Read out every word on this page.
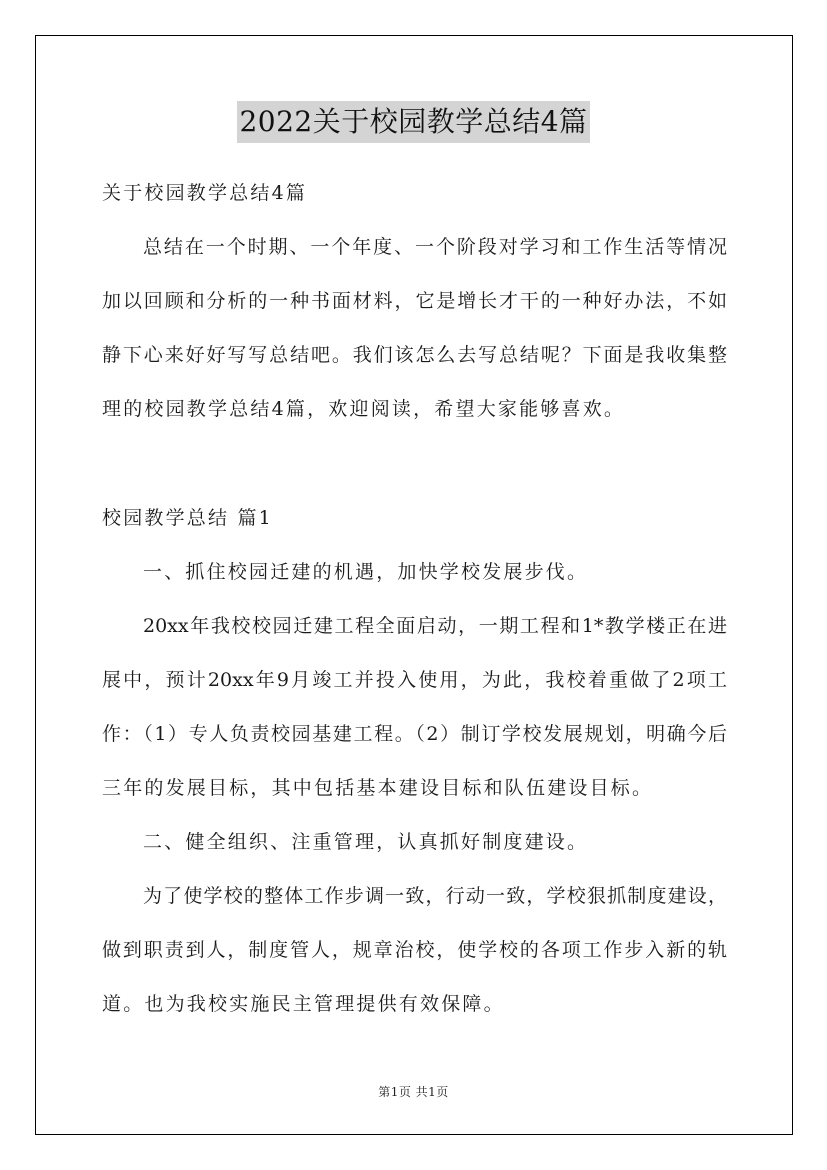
2022关于校园教学总结4篇
关于校园教学总结4篇
总结在一个时期、一个年度、一个阶段对学习和工作生活等情况
加以回顾和分析的一种书面材料，它是增长才干的一种好办法，不如
静下心来好好写写总结吧。我们该怎么去写总结呢？下面是我收集整
理的校园教学总结4篇，欢迎阅读，希望大家能够喜欢。
校园教学总结 篇1
一、抓住校园迁建的机遇，加快学校发展步伐。
20xx年我校校园迁建工程全面启动，一期工程和1*教学楼正在进
展中，预计20xx年9月竣工并投入使用，为此，我校着重做了2项工
作：（1）专人负责校园基建工程。（2）制订学校发展规划，明确今后
三年的发展目标，其中包括基本建设目标和队伍建设目标。
二、健全组织、注重管理，认真抓好制度建设。
为了使学校的整体工作步调一致，行动一致，学校狠抓制度建设，
做到职责到人，制度管人，规章治校，使学校的各项工作步入新的轨
道。也为我校实施民主管理提供有效保障。
第1页 共1页
